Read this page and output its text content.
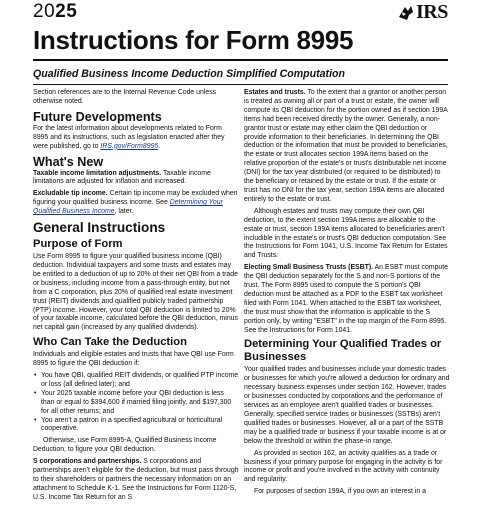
2025	IRS
Instructions for Form 8995
Qualified Business Income Deduction Simplified Computation

Section references are to the Internal Revenue Code unless otherwise noted.

Future Developments

For the latest information about developments related to Form 8995 and its instructions, such as legislation enacted after they were published, go to IRS.gov/Form8995.

What's New

Taxable income limitation adjustments. Taxable income limitations are adjusted for inflation and increased.

Excludable tip income. Certain tip income may be excluded when figuring your qualified business income. See Determining Your Qualified Business Income, later.

General Instructions
Purpose of Form

Use Form 8995 to figure your qualified business income (QBI) deduction. Individual taxpayers and some trusts and estates may be entitled to a deduction of up to 20% of their net QBI from a trade or business, including income from a pass-through entity, but not from a C corporation, plus 20% of qualified real estate investment trust (REIT) dividends and qualified publicly traded partnership (PTP) income. However, your total QBI deduction is limited to 20% of your taxable income, calculated before the QBI deduction, minus net capital gain (increased by any qualified dividends).

Who Can Take the Deduction

Individuals and eligible estates and trusts that have QBI use Form 8995 to figure the QBI deduction if:

• You have QBI, qualified REIT dividends, or qualified PTP income or loss (all defined later); and
• Your 2025 taxable income before your QBI deduction is less than or equal to $394,600 if married filing jointly, and $197,300 for all other returns; and
• You aren't a patron in a specified agricultural or horticultural cooperative.

Otherwise, use Form 8995-A, Qualified Business Income Deduction, to figure your QBI deduction.

S corporations and partnerships. S corporations and partnerships aren't eligible for the deduction, but must pass through to their shareholders or partners the necessary information on an attachment to Schedule K-1. See the Instructions for Form 1120-S, U.S. Income Tax Return for an S

Estates and trusts. To the extent that a grantor or another person is treated as owning all or part of a trust or estate, the owner will compute its QBI deduction for the portion owned as if section 199A items had been received directly by the owner. Generally, a non-grantor trust or estate may either claim the QBI deduction or provide information to their beneficiaries. In determining the QBI deduction or the information that must be provided to beneficiaries, the estate or trust allocates section 199A items based on the relative proportion of the estate's or trust's distributable net income (DNI) for the tax year distributed (or required to be distributed) to the beneficiary or retained by the estate or trust. If the estate or trust has no DNI for the tax year, section 199A items are allocated entirely to the estate or trust.

Although estates and trusts may compute their own QBI deduction, to the extent section 199A items are allocable to the estate or trust, section 199A items allocated to beneficiaries aren't includible in the estate's or trust's QBI deduction computation. See the Instructions for Form 1041, U.S. Income Tax Return for Estates and Trusts.

Electing Small Business Trusts (ESBT). An ESBT must compute the QBI deduction separately for the S and non-S portions of the trust. The Form 8995 used to compute the S portion's QBI deduction must be attached as a PDF to the ESBT tax worksheet filed with Form 1041. When attached to the ESBT tax worksheet, the trust must show that the information is applicable to the S portion only, by writing "ESBT" in the top margin of the Form 8995. See the Instructions for Form 1041.

Determining Your Qualified Trades or Businesses

Your qualified trades and businesses include your domestic trades or businesses for which you're allowed a deduction for ordinary and necessary business expenses under section 162. However, trades or businesses conducted by corporations and the performance of services as an employee aren't qualified trades or businesses. Generally, specified service trades or businesses (SSTBs) aren't qualified trades or businesses. However, all or a part of the SSTB may be a qualified trade or business if your taxable income is at or below the threshold or within the phase-in range.

As provided in section 162, an activity qualifies as a trade or business if your primary purpose for engaging in the activity is for income or profit and you're involved in the activity with continuity and regularity.

For purposes of section 199A, if you own an interest in a
